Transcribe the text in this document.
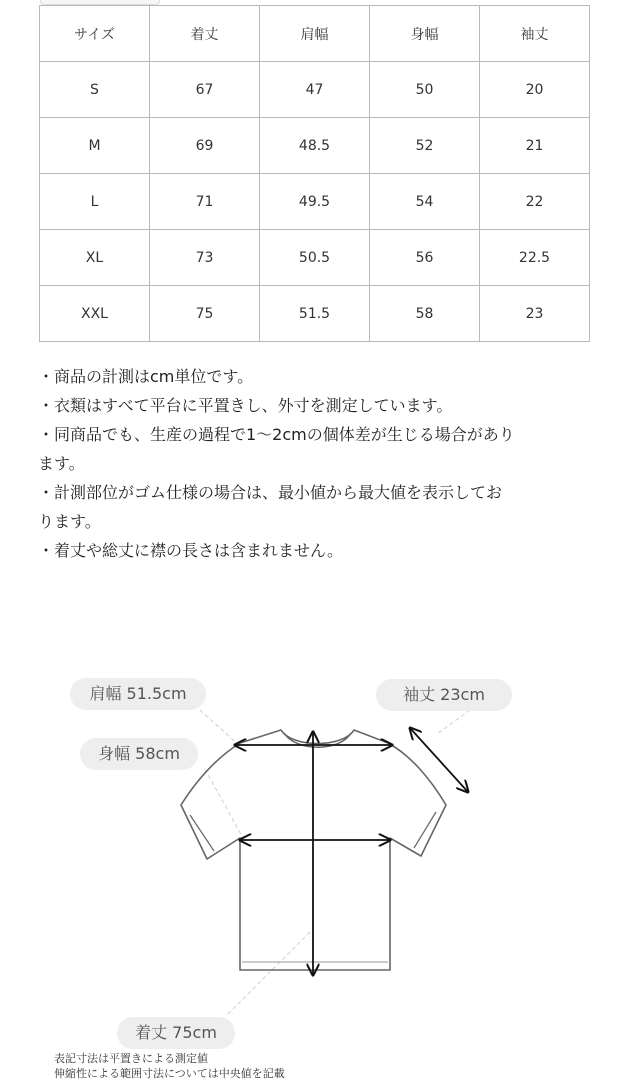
サイズ	着丈	肩幅	身幅	袖丈
S	67	47	50	20
M	69	48.5	52	21
L	71	49.5	54	22
XL	73	50.5	56	22.5
XXL	75	51.5	58	23

・商品の計測はcm単位です。

・衣類はすべて平台に平置きし、外寸を測定しています。

・同商品でも、生産の過程で1〜2cmの個体差が生じる場合があり

ます。

・計測部位がゴム仕様の場合は、最小値から最大値を表示してお

ります。

・着丈や総丈に襟の長さは含まれません。

肩幅 51.5cm	袖丈 23cm
身幅 58cm
着丈 75cm
表記寸法は平置きによる測定値
伸縮性による範囲寸法については中央値を記載
